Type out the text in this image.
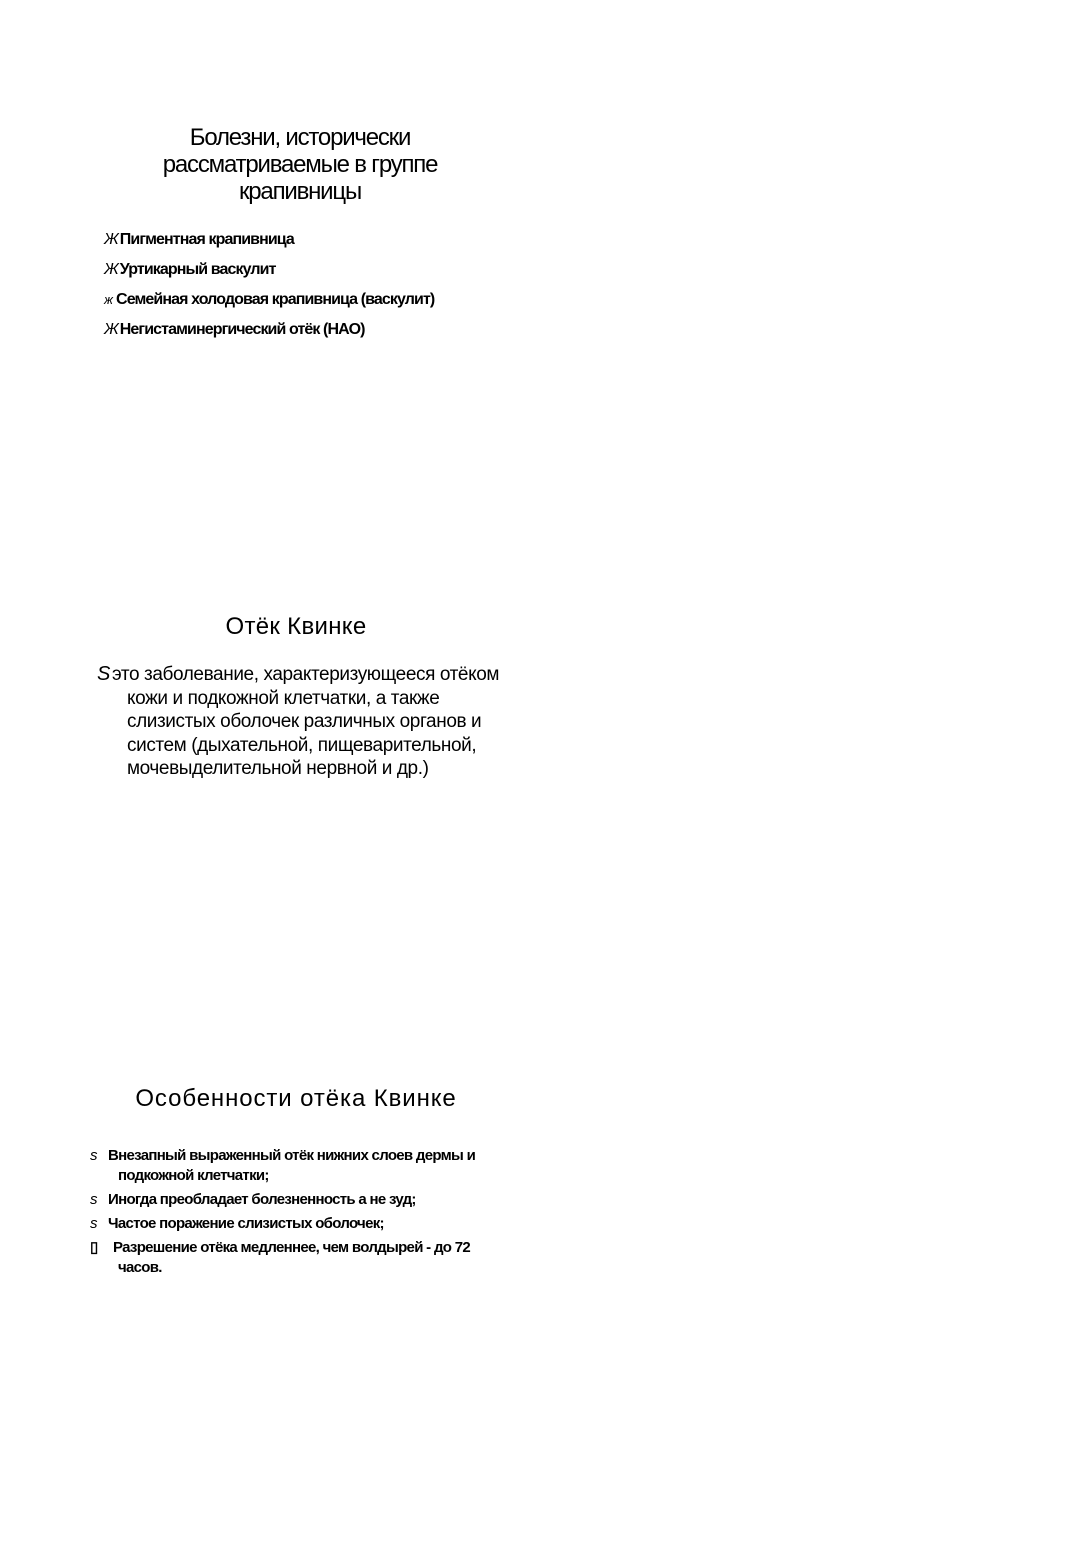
Болезни, исторически
рассматриваемые в группе
крапивницы
Ж Пигментная крапивница
Ж Уртикарный васкулит
ж Семейная холодовая крапивница (васкулит)
Ж Негистаминергический отёк (НАО)
Отёк Квинке

S это заболевание, характеризующееся отёком кожи и подкожной клетчатки, а также слизистых оболочек различных органов и систем (дыхательной, пищеварительной, мочевыделительной нервной и др.)

Особенности отёка Квинке
s Внезапный выраженный отёк нижних слоев дермы и подкожной клетчатки;
s Иногда преобладает болезненность а не зуд;
s Частое поражение слизистых оболочек;
▯ Разрешение отёка медленнее, чем волдырей - до 72 часов.
